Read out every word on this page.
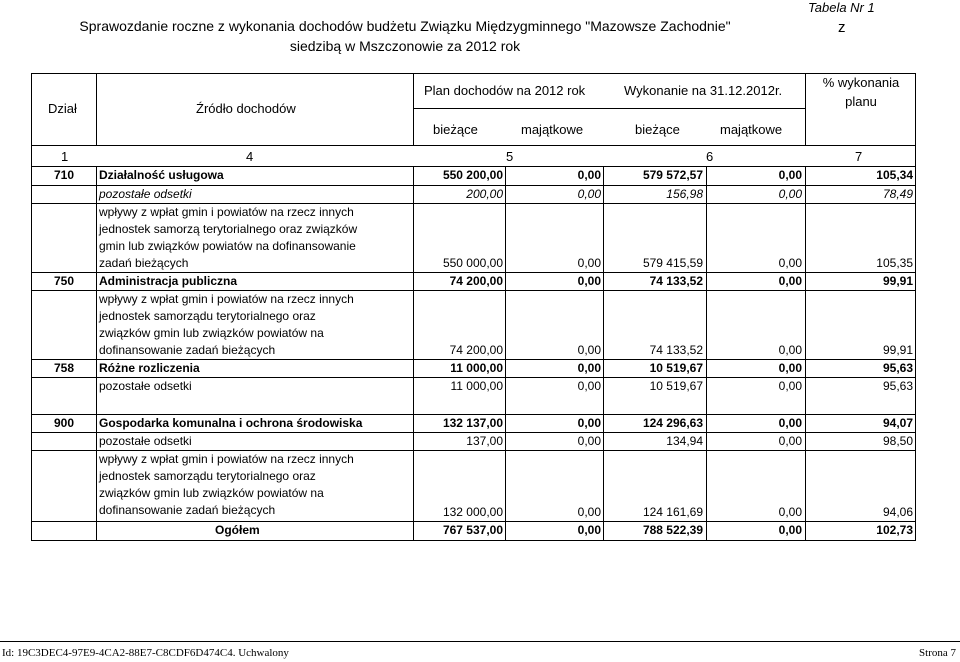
Sprawozdanie roczne z wykonania dochodów budżetu Związku Międzygminnego "Mazowsze Zachodnie"
siedzibą w Mszczonowie za 2012 rok
Tabela Nr 1
z
Dział	Źródło dochodów
Plan dochodów na 2012 rok	Wykonanie na 31.12.2012r.
% wykonania
planu
bieżące	majątkowe	bieżące	majątkowe
1	4	5	6	7
710	Działalność usługowa	550 200,00	0,00	579 572,57	0,00	105,34
pozostałe odsetki	200,00	0,00	156,98	0,00	78,49
wpływy z wpłat gmin i powiatów na rzecz innych
jednostek samorzą terytorialnego oraz związków
gmin lub związków powiatów na dofinansowanie
zadań bieżących	550 000,00	0,00	579 415,59	0,00	105,35
750	Administracja publiczna	74 200,00	0,00	74 133,52	0,00	99,91
wpływy z wpłat gmin i powiatów na rzecz innych
jednostek samorządu terytorialnego oraz
związków gmin lub związków powiatów na
dofinansowanie zadań bieżących	74 200,00	0,00	74 133,52	0,00	99,91
758	Różne rozliczenia	11 000,00	0,00	10 519,67	0,00	95,63
pozostałe odsetki	11 000,00	0,00	10 519,67	0,00	95,63
900	Gospodarka komunalna i ochrona środowiska	132 137,00	0,00	124 296,63	0,00	94,07
pozostałe odsetki	137,00	0,00	134,94	0,00	98,50
wpływy z wpłat gmin i powiatów na rzecz innych
jednostek samorządu terytorialnego oraz
związków gmin lub związków powiatów na
dofinansowanie zadań bieżących	132 000,00	0,00	124 161,69	0,00	94,06
Ogółem	767 537,00	0,00	788 522,39	0,00	102,73
Id: 19C3DEC4-97E9-4CA2-88E7-C8CDF6D474C4. Uchwalony	Strona 7
